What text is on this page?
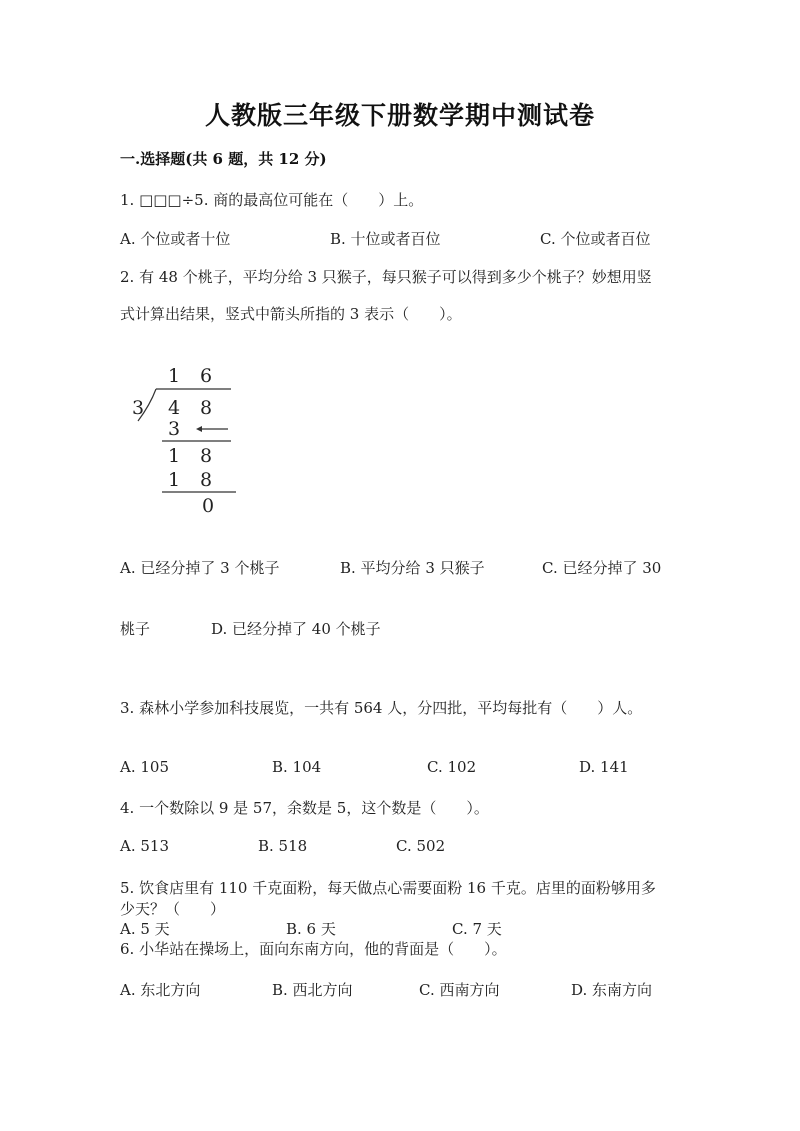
人教版三年级下册数学期中测试卷
一.选择题(共 6 题，共 12 分)
1. □□□÷5. 商的最高位可能在（　　）上。
A. 个位或者十位	B. 十位或者百位	C. 个位或者百位
2. 有 48 个桃子，平均分给 3 只猴子，每只猴子可以得到多少个桃子？妙想用竖
式计算出结果，竖式中箭头所指的 3 表示（　　）。
1 6
3 4 8
3
1 8
1 8
0
A. 已经分掉了 3 个桃子	B. 平均分给 3 只猴子	C. 已经分掉了 30
桃子	D. 已经分掉了 40 个桃子
3. 森林小学参加科技展览，一共有 564 人，分四批，平均每批有（　　）人。
A. 105	B. 104	C. 102	D. 141
4. 一个数除以 9 是 57，余数是 5，这个数是（　　）。
A. 513	B. 518	C. 502
5. 饮食店里有 110 千克面粉，每天做点心需要面粉 16 千克。店里的面粉够用多
少天？（　　）
A. 5 天	B. 6 天	C. 7 天
6. 小华站在操场上，面向东南方向，他的背面是（　　）。
A. 东北方向	B. 西北方向	C. 西南方向	D. 东南方向
